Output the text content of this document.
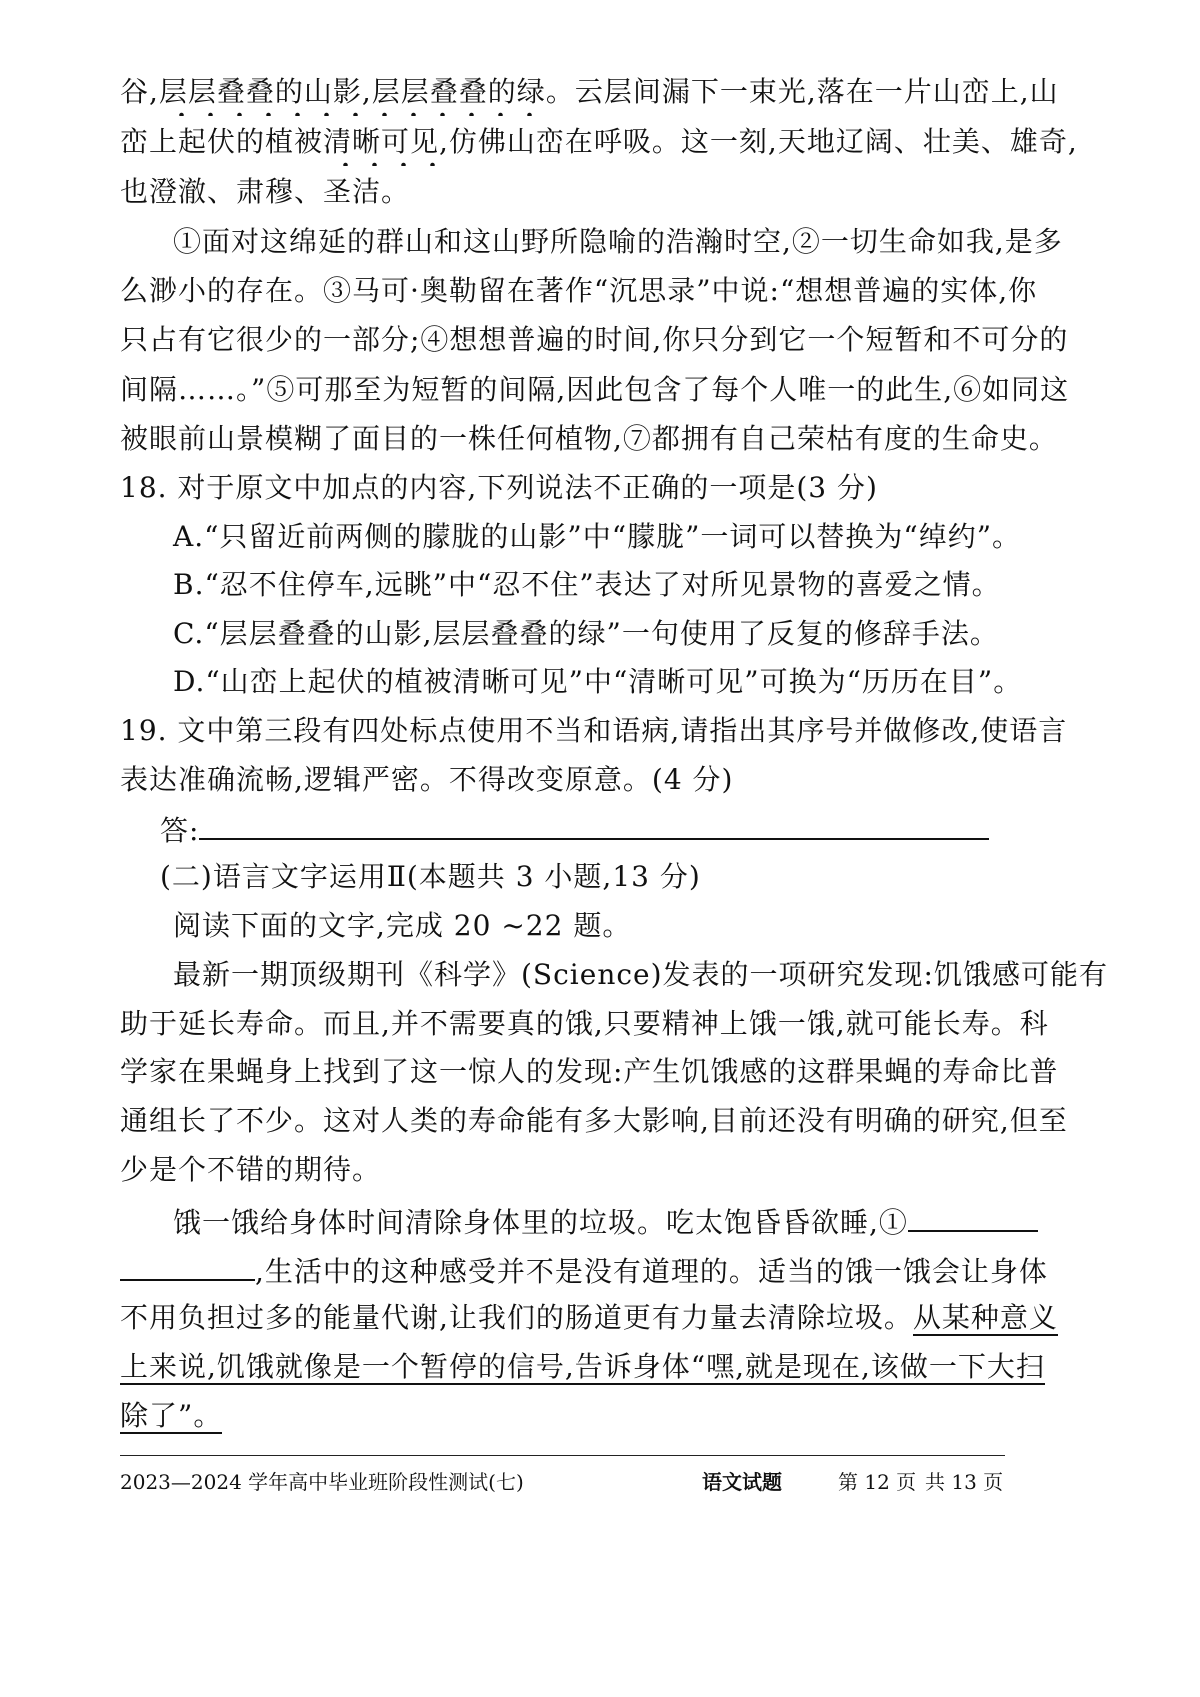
谷,层层叠叠的山影,层层叠叠的绿。云层间漏下一束光,落在一片山峦上,山
峦上起伏的植被清晰可见,仿佛山峦在呼吸。这一刻,天地辽阔、壮美、雄奇,
也澄澈、肃穆、圣洁。
①面对这绵延的群山和这山野所隐喻的浩瀚时空,②一切生命如我,是多
么渺小的存在。③马可·奥勒留在著作“沉思录”中说:“想想普遍的实体,你
只占有它很少的一部分;④想想普遍的时间,你只分到它一个短暂和不可分的
间隔……。”⑤可那至为短暂的间隔,因此包含了每个人唯一的此生,⑥如同这
被眼前山景模糊了面目的一株任何植物,⑦都拥有自己荣枯有度的生命史。
18. 对于原文中加点的内容,下列说法不正确的一项是(3 分)
A.“只留近前两侧的朦胧的山影”中“朦胧”一词可以替换为“绰约”。
B.“忍不住停车,远眺”中“忍不住”表达了对所见景物的喜爱之情。
C.“层层叠叠的山影,层层叠叠的绿”一句使用了反复的修辞手法。
D.“山峦上起伏的植被清晰可见”中“清晰可见”可换为“历历在目”。
19. 文中第三段有四处标点使用不当和语病,请指出其序号并做修改,使语言
表达准确流畅,逻辑严密。不得改变原意。(4 分)
答:
(二)语言文字运用Ⅱ(本题共 3 小题,13 分)
阅读下面的文字,完成 20 ~22 题。
最新一期顶级期刊《科学》(Science)发表的一项研究发现:饥饿感可能有
助于延长寿命。而且,并不需要真的饿,只要精神上饿一饿,就可能长寿。科
学家在果蝇身上找到了这一惊人的发现:产生饥饿感的这群果蝇的寿命比普
通组长了不少。这对人类的寿命能有多大影响,目前还没有明确的研究,但至
少是个不错的期待。
饿一饿给身体时间清除身体里的垃圾。吃太饱昏昏欲睡,①
,生活中的这种感受并不是没有道理的。适当的饿一饿会让身体
不用负担过多的能量代谢,让我们的肠道更有力量去清除垃圾。从某种意义
上来说,饥饿就像是一个暂停的信号,告诉身体“嘿,就是现在,该做一下大扫
除了”。
2023—2024 学年高中毕业班阶段性测试(七)	语文试题	第 12 页 共 13 页
